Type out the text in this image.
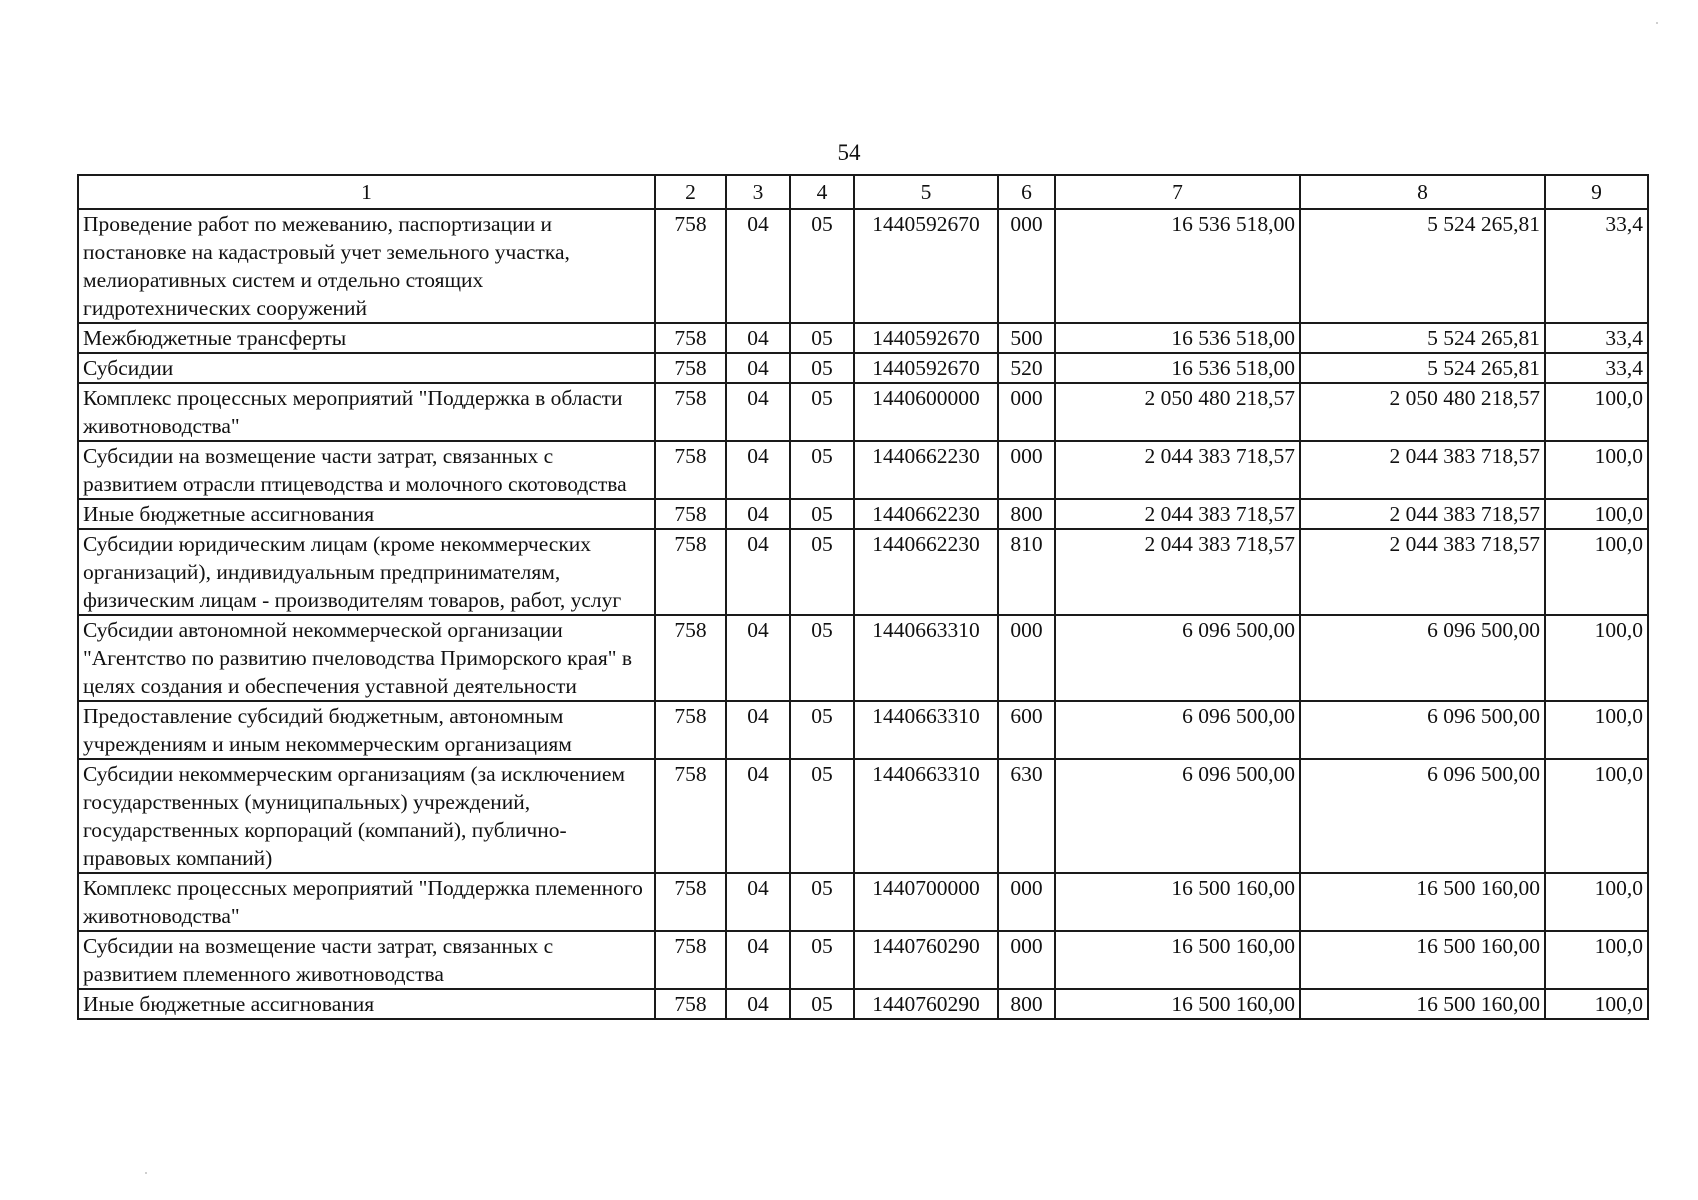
54
1	2	3	4	5	6	7	8	9
Проведение работ по межеванию, паспортизации и постановке на кадастровый учет земельного участка, мелиоративных систем и отдельно стоящих гидротехнических сооружений	758	04	05	1440592670	000	16 536 518,00	5 524 265,81	33,4
Межбюджетные трансферты	758	04	05	1440592670	500	16 536 518,00	5 524 265,81	33,4
Субсидии	758	04	05	1440592670	520	16 536 518,00	5 524 265,81	33,4
Комплекс процессных мероприятий "Поддержка в области животноводства"	758	04	05	1440600000	000	2 050 480 218,57	2 050 480 218,57	100,0
Субсидии на возмещение части затрат, связанных с развитием отрасли птицеводства и молочного скотоводства	758	04	05	1440662230	000	2 044 383 718,57	2 044 383 718,57	100,0
Иные бюджетные ассигнования	758	04	05	1440662230	800	2 044 383 718,57	2 044 383 718,57	100,0
Субсидии юридическим лицам (кроме некоммерческих организаций), индивидуальным предпринимателям, физическим лицам - производителям товаров, работ, услуг	758	04	05	1440662230	810	2 044 383 718,57	2 044 383 718,57	100,0
Субсидии автономной некоммерческой организации "Агентство по развитию пчеловодства Приморского края" в целях создания и обеспечения уставной деятельности	758	04	05	1440663310	000	6 096 500,00	6 096 500,00	100,0
Предоставление субсидий бюджетным, автономным учреждениям и иным некоммерческим организациям	758	04	05	1440663310	600	6 096 500,00	6 096 500,00	100,0
Субсидии некоммерческим организациям (за исключением государственных (муниципальных) учреждений, государственных корпораций (компаний), публично-правовых компаний)	758	04	05	1440663310	630	6 096 500,00	6 096 500,00	100,0
Комплекс процессных мероприятий "Поддержка племенного животноводства"	758	04	05	1440700000	000	16 500 160,00	16 500 160,00	100,0
Субсидии на возмещение части затрат, связанных с развитием племенного животноводства	758	04	05	1440760290	000	16 500 160,00	16 500 160,00	100,0
Иные бюджетные ассигнования	758	04	05	1440760290	800	16 500 160,00	16 500 160,00	100,0
